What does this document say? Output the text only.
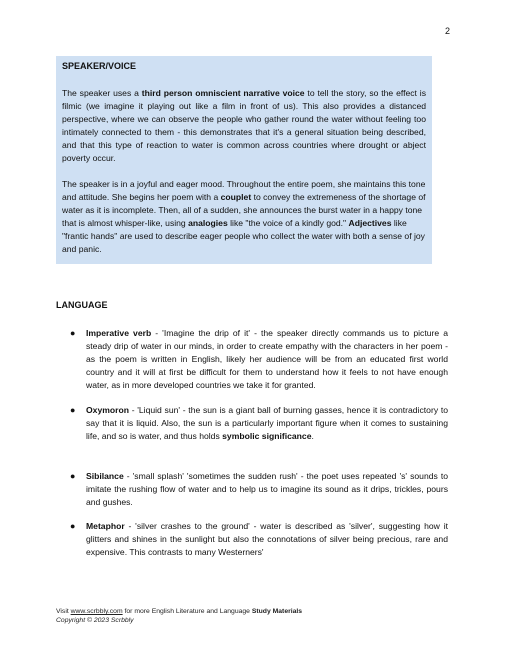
2

SPEAKER/VOICE

The speaker uses a third person omniscient narrative voice to tell the story, so the effect is filmic (we imagine it playing out like a film in front of us). This also provides a distanced perspective, where we can observe the people who gather round the water without feeling too intimately connected to them - this demonstrates that it's a general situation being described, and that this type of reaction to water is common across countries where drought or abject poverty occur.

The speaker is in a joyful and eager mood. Throughout the entire poem, she maintains this tone and attitude. She begins her poem with a couplet to convey the extremeness of the shortage of water as it is incomplete. Then, all of a sudden, she announces the burst water in a happy tone that is almost whisper-like, using analogies like "the voice of a kindly god." Adjectives like "frantic hands" are used to describe eager people who collect the water with both a sense of joy and panic.

LANGUAGE
● Imperative verb - 'Imagine the drip of it' - the speaker directly commands us to picture a steady drip of water in our minds, in order to create empathy with the characters in her poem - as the poem is written in English, likely her audience will be from an educated first world country and it will at first be difficult for them to understand how it feels to not have enough water, as in more developed countries we take it for granted.
● Oxymoron - 'Liquid sun' - the sun is a giant ball of burning gasses, hence it is contradictory to say that it is liquid. Also, the sun is a particularly important figure when it comes to sustaining life, and so is water, and thus holds symbolic significance.
● Sibilance - 'small splash' 'sometimes the sudden rush' - the poet uses repeated 's' sounds to imitate the rushing flow of water and to help us to imagine its sound as it drips, trickles, pours and gushes.
● Metaphor - 'silver crashes to the ground' - water is described as 'silver', suggesting how it glitters and shines in the sunlight but also the connotations of silver being precious, rare and expensive. This contrasts to many Westerners'
Visit www.scrbbly.com for more English Literature and Language Study Materials
Copyright © 2023 Scrbbly
